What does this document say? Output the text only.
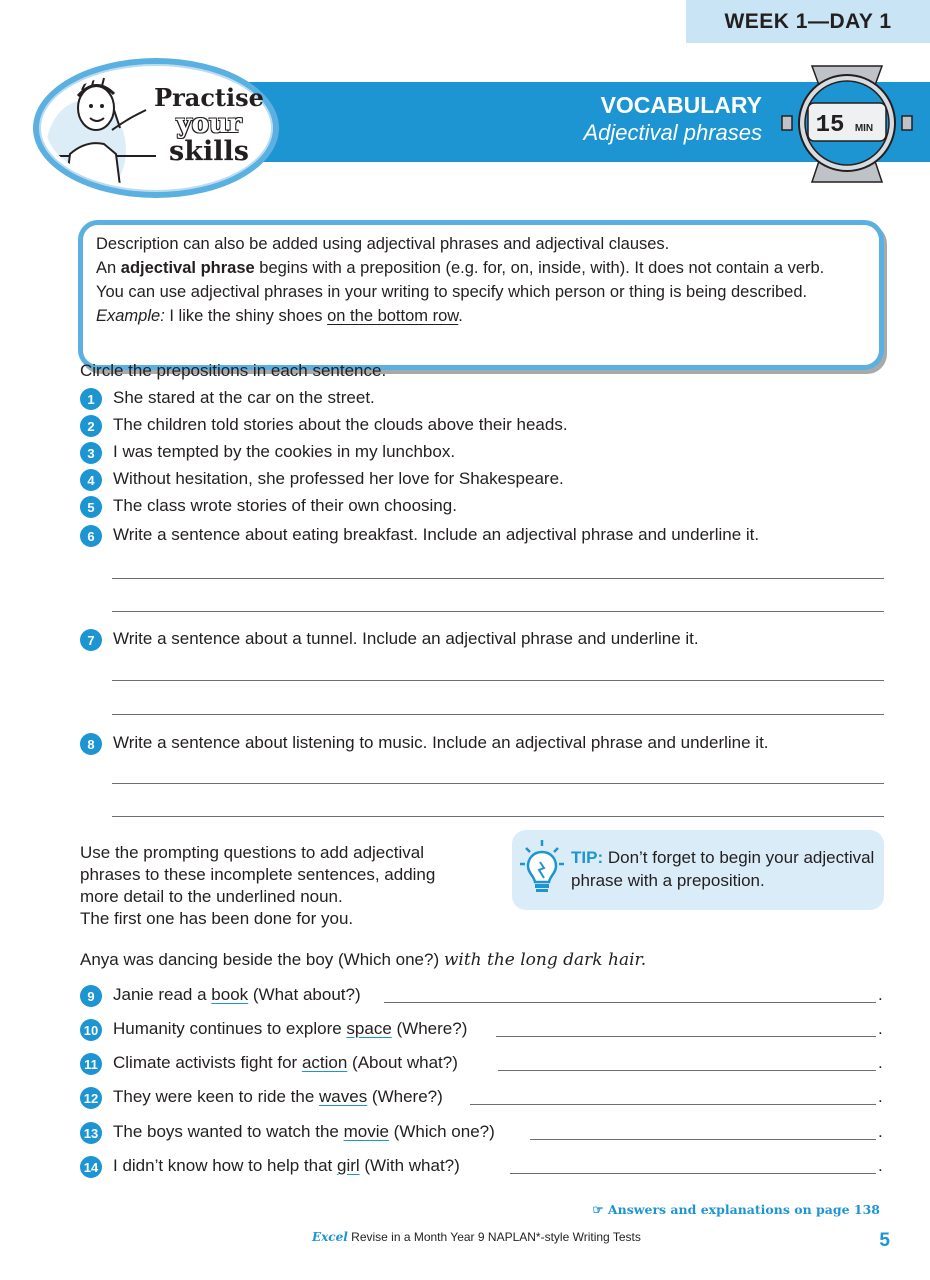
WEEK 1—DAY 1
VOCABULARY
Adjectival phrases 15 MIN
Practise
your
skills

Description can also be added using adjectival phrases and adjectival clauses.

An adjectival phrase begins with a preposition (e.g. for, on, inside, with). It does not contain a verb.

You can use adjectival phrases in your writing to specify which person or thing is being described.

Example: I like the shiny shoes on the bottom row.

Circle the prepositions in each sentence.
1	She stared at the car on the street.
2	The children told stories about the clouds above their heads.
3	I was tempted by the cookies in my lunchbox.
4	Without hesitation, she professed her love for Shakespeare.
5	The class wrote stories of their own choosing.
6	Write a sentence about eating breakfast. Include an adjectival phrase and underline it.
7	Write a sentence about a tunnel. Include an adjectival phrase and underline it.
8	Write a sentence about listening to music. Include an adjectival phrase and underline it.
Use the prompting questions to add adjectival
phrases to these incomplete sentences, adding
more detail to the underlined noun.
The first one has been done for you.
TIP: Don’t forget to begin your adjectival phrase with a preposition.
Anya was dancing beside the boy (Which one?) with the long dark hair.
9	Janie read a book (What about?)	.
10 Humanity continues to explore space (Where?)	.
11 Climate activists fight for action (About what?)	.
12 They were keen to ride the waves (Where?)	.
13 The boys wanted to watch the movie (Which one?)	.
14 I didn’t know how to help that girl (With what?)	.
☞ Answers and explanations on page 138
Excel Revise in a Month Year 9 NAPLAN*-style Writing Tests	5
